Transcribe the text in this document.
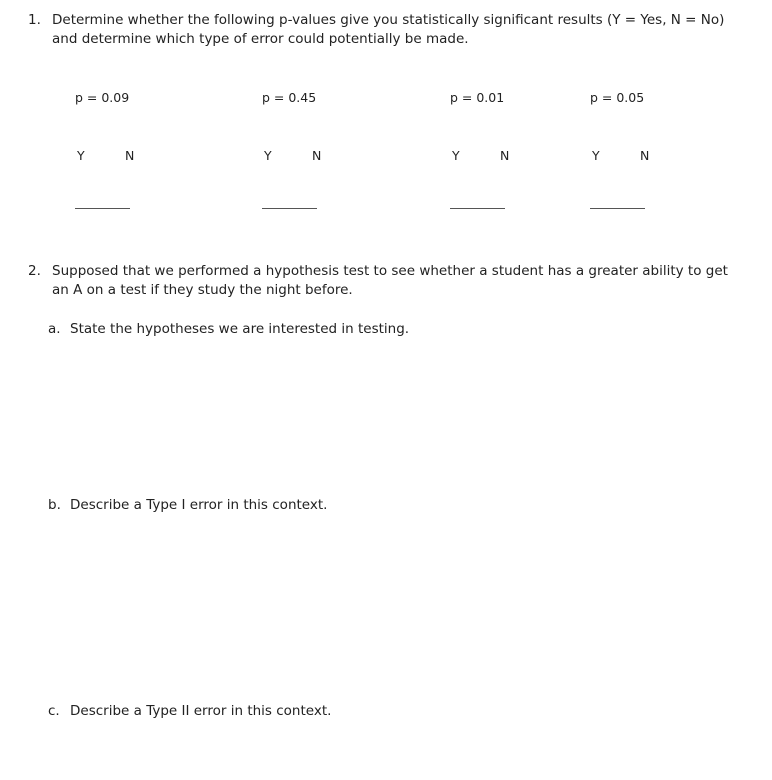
1. Determine whether the following p-values give you statistically significant results (Y = Yes, N = No) and determine which type of error could potentially be made.
p = 0.09
Y	N
p = 0.45
Y	N
p = 0.01
Y	N
p = 0.05
Y	N
2. Supposed that we performed a hypothesis test to see whether a student has a greater ability to get an A on a test if they study the night before.
a. State the hypotheses we are interested in testing.
b. Describe a Type I error in this context.
c. Describe a Type II error in this context.
